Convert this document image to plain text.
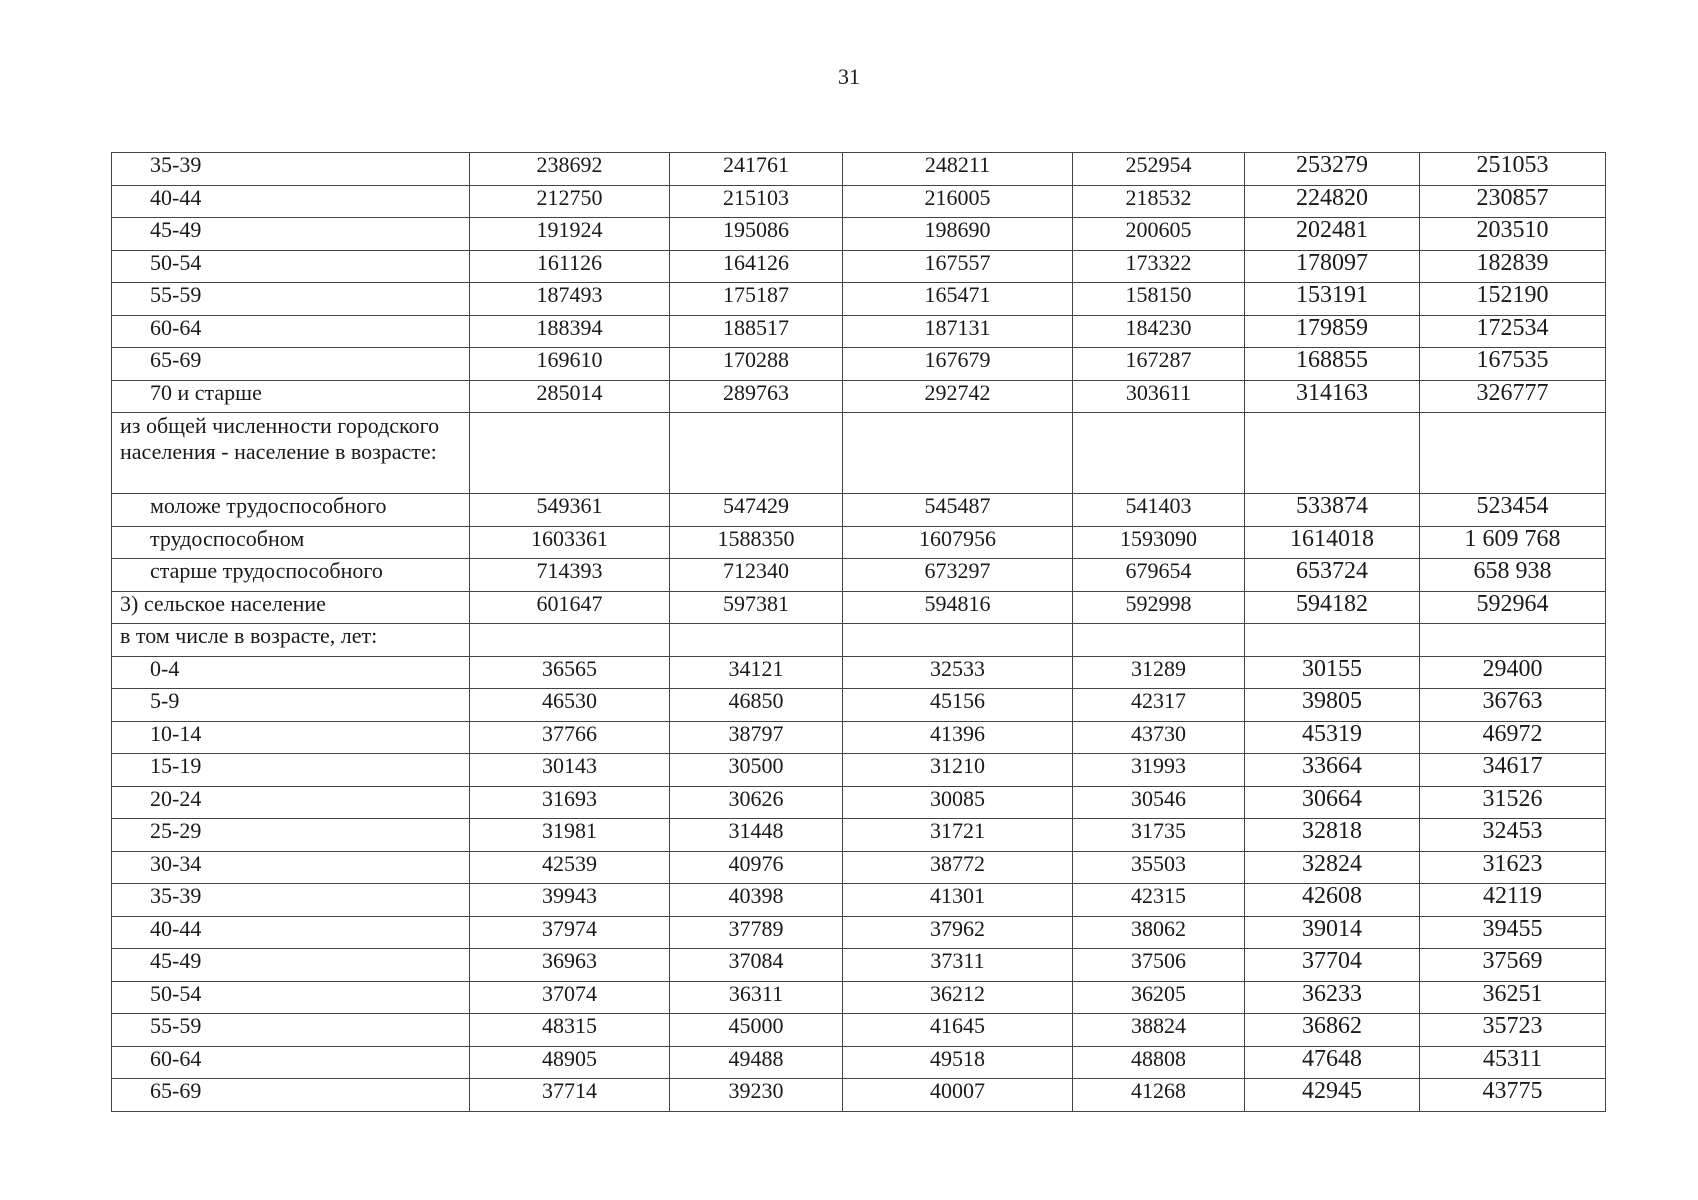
31
35-39	238692	241761	248211	252954	253279	251053
40-44	212750	215103	216005	218532	224820	230857
45-49	191924	195086	198690	200605	202481	203510
50-54	161126	164126	167557	173322	178097	182839
55-59	187493	175187	165471	158150	153191	152190
60-64	188394	188517	187131	184230	179859	172534
65-69	169610	170288	167679	167287	168855	167535
70 и старше	285014	289763	292742	303611	314163	326777
из общей численности городского населения - население в возрасте:						
моложе трудоспособного	549361	547429	545487	541403	533874	523454
трудоспособном	1603361	1588350	1607956	1593090	1614018	1 609 768
старше трудоспособного	714393	712340	673297	679654	653724	658 938
3) сельское население	601647	597381	594816	592998	594182	592964
в том числе в возрасте, лет:						
0-4	36565	34121	32533	31289	30155	29400
5-9	46530	46850	45156	42317	39805	36763
10-14	37766	38797	41396	43730	45319	46972
15-19	30143	30500	31210	31993	33664	34617
20-24	31693	30626	30085	30546	30664	31526
25-29	31981	31448	31721	31735	32818	32453
30-34	42539	40976	38772	35503	32824	31623
35-39	39943	40398	41301	42315	42608	42119
40-44	37974	37789	37962	38062	39014	39455
45-49	36963	37084	37311	37506	37704	37569
50-54	37074	36311	36212	36205	36233	36251
55-59	48315	45000	41645	38824	36862	35723
60-64	48905	49488	49518	48808	47648	45311
65-69	37714	39230	40007	41268	42945	43775
